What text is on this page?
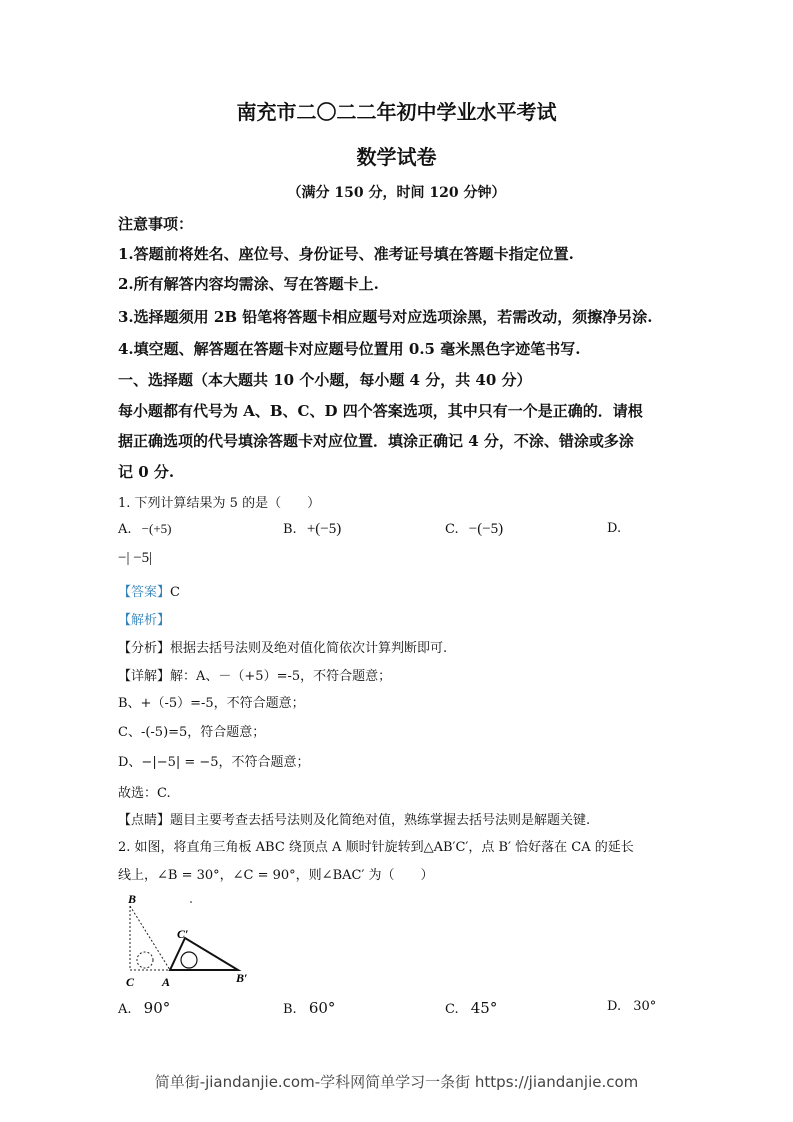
南充市二〇二二年初中学业水平考试
数学试卷
（满分 150 分，时间 120 分钟）
注意事项：
1.答题前将姓名、座位号、身份证号、准考证号填在答题卡指定位置.
2.所有解答内容均需涂、写在答题卡上.
3.选择题须用 2B 铅笔将答题卡相应题号对应选项涂黑，若需改动，须擦净另涂.
4.填空题、解答题在答题卡对应题号位置用 0.5 毫米黑色字迹笔书写.
一、选择题（本大题共 10 个小题，每小题 4 分，共 40 分）
每小题都有代号为 A、B、C、D 四个答案选项，其中只有一个是正确的．请根
据正确选项的代号填涂答题卡对应位置．填涂正确记 4 分，不涂、错涂或多涂
记 0 分.
1. 下列计算结果为 5 的是（　　）
A. −(+5)	B. +(−5)	C. −(−5)	D.
−| −5|
【答案】C
【解析】
【分析】根据去括号法则及绝对值化简依次计算判断即可.
【详解】解：A、－（+5）=-5，不符合题意；
B、+（-5）=-5，不符合题意；
C、-(-5)=5，符合题意；
D、−|−5| = −5，不符合题意；
故选：C.
【点睛】题目主要考查去括号法则及化简绝对值，熟练掌握去括号法则是解题关键.
2. 如图，将直角三角板 ABC 绕顶点 A 顺时针旋转到△AB′C′，点 B′ 恰好落在 CA 的延长
线上，∠B = 30°，∠C = 90°，则∠BAC′ 为（　　）
B
C A
C′
B′
A. 90°	B. 60°	C. 45°	D. 30°
简单街-jiandanjie.com-学科网简单学习一条街 https://jiandanjie.com
